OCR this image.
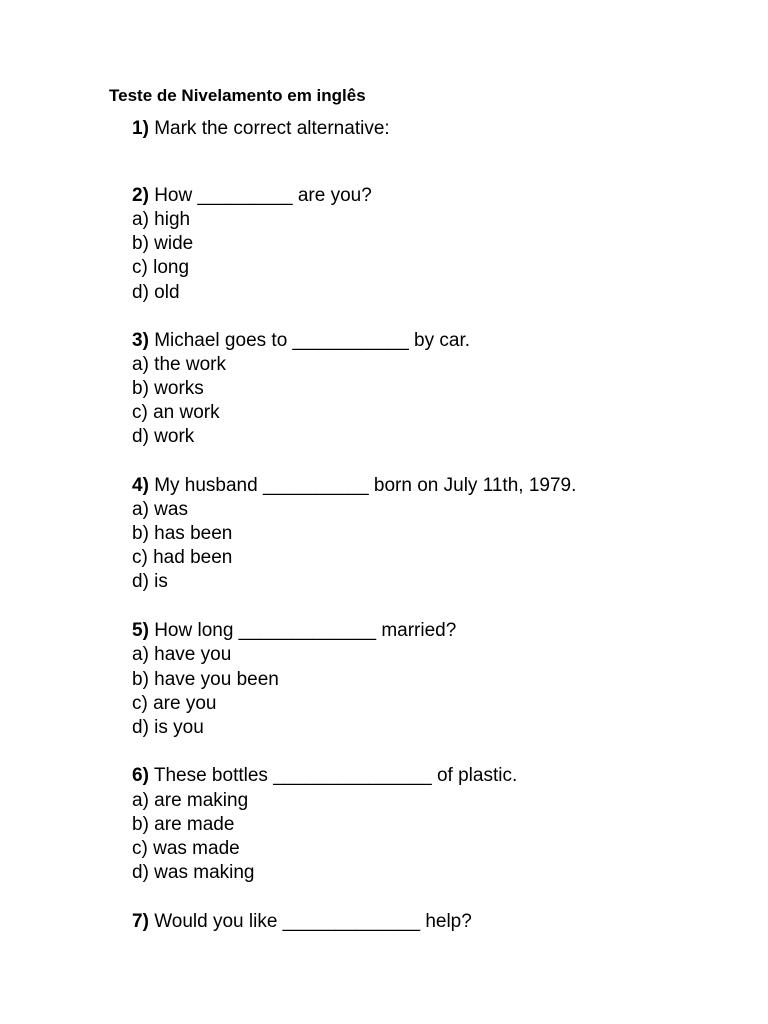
Teste de Nivelamento em inglês
1) Mark the correct alternative:
2) How _________ are you?
a) high
b) wide
c) long
d) old
3) Michael goes to ___________ by car.
a) the work
b) works
c) an work
d) work
4) My husband __________ born on July 11th, 1979.
a) was
b) has been
c) had been
d) is
5) How long _____________ married?
a) have you
b) have you been
c) are you
d) is you
6) These bottles _______________ of plastic.
a) are making
b) are made
c) was made
d) was making
7) Would you like _____________ help?
